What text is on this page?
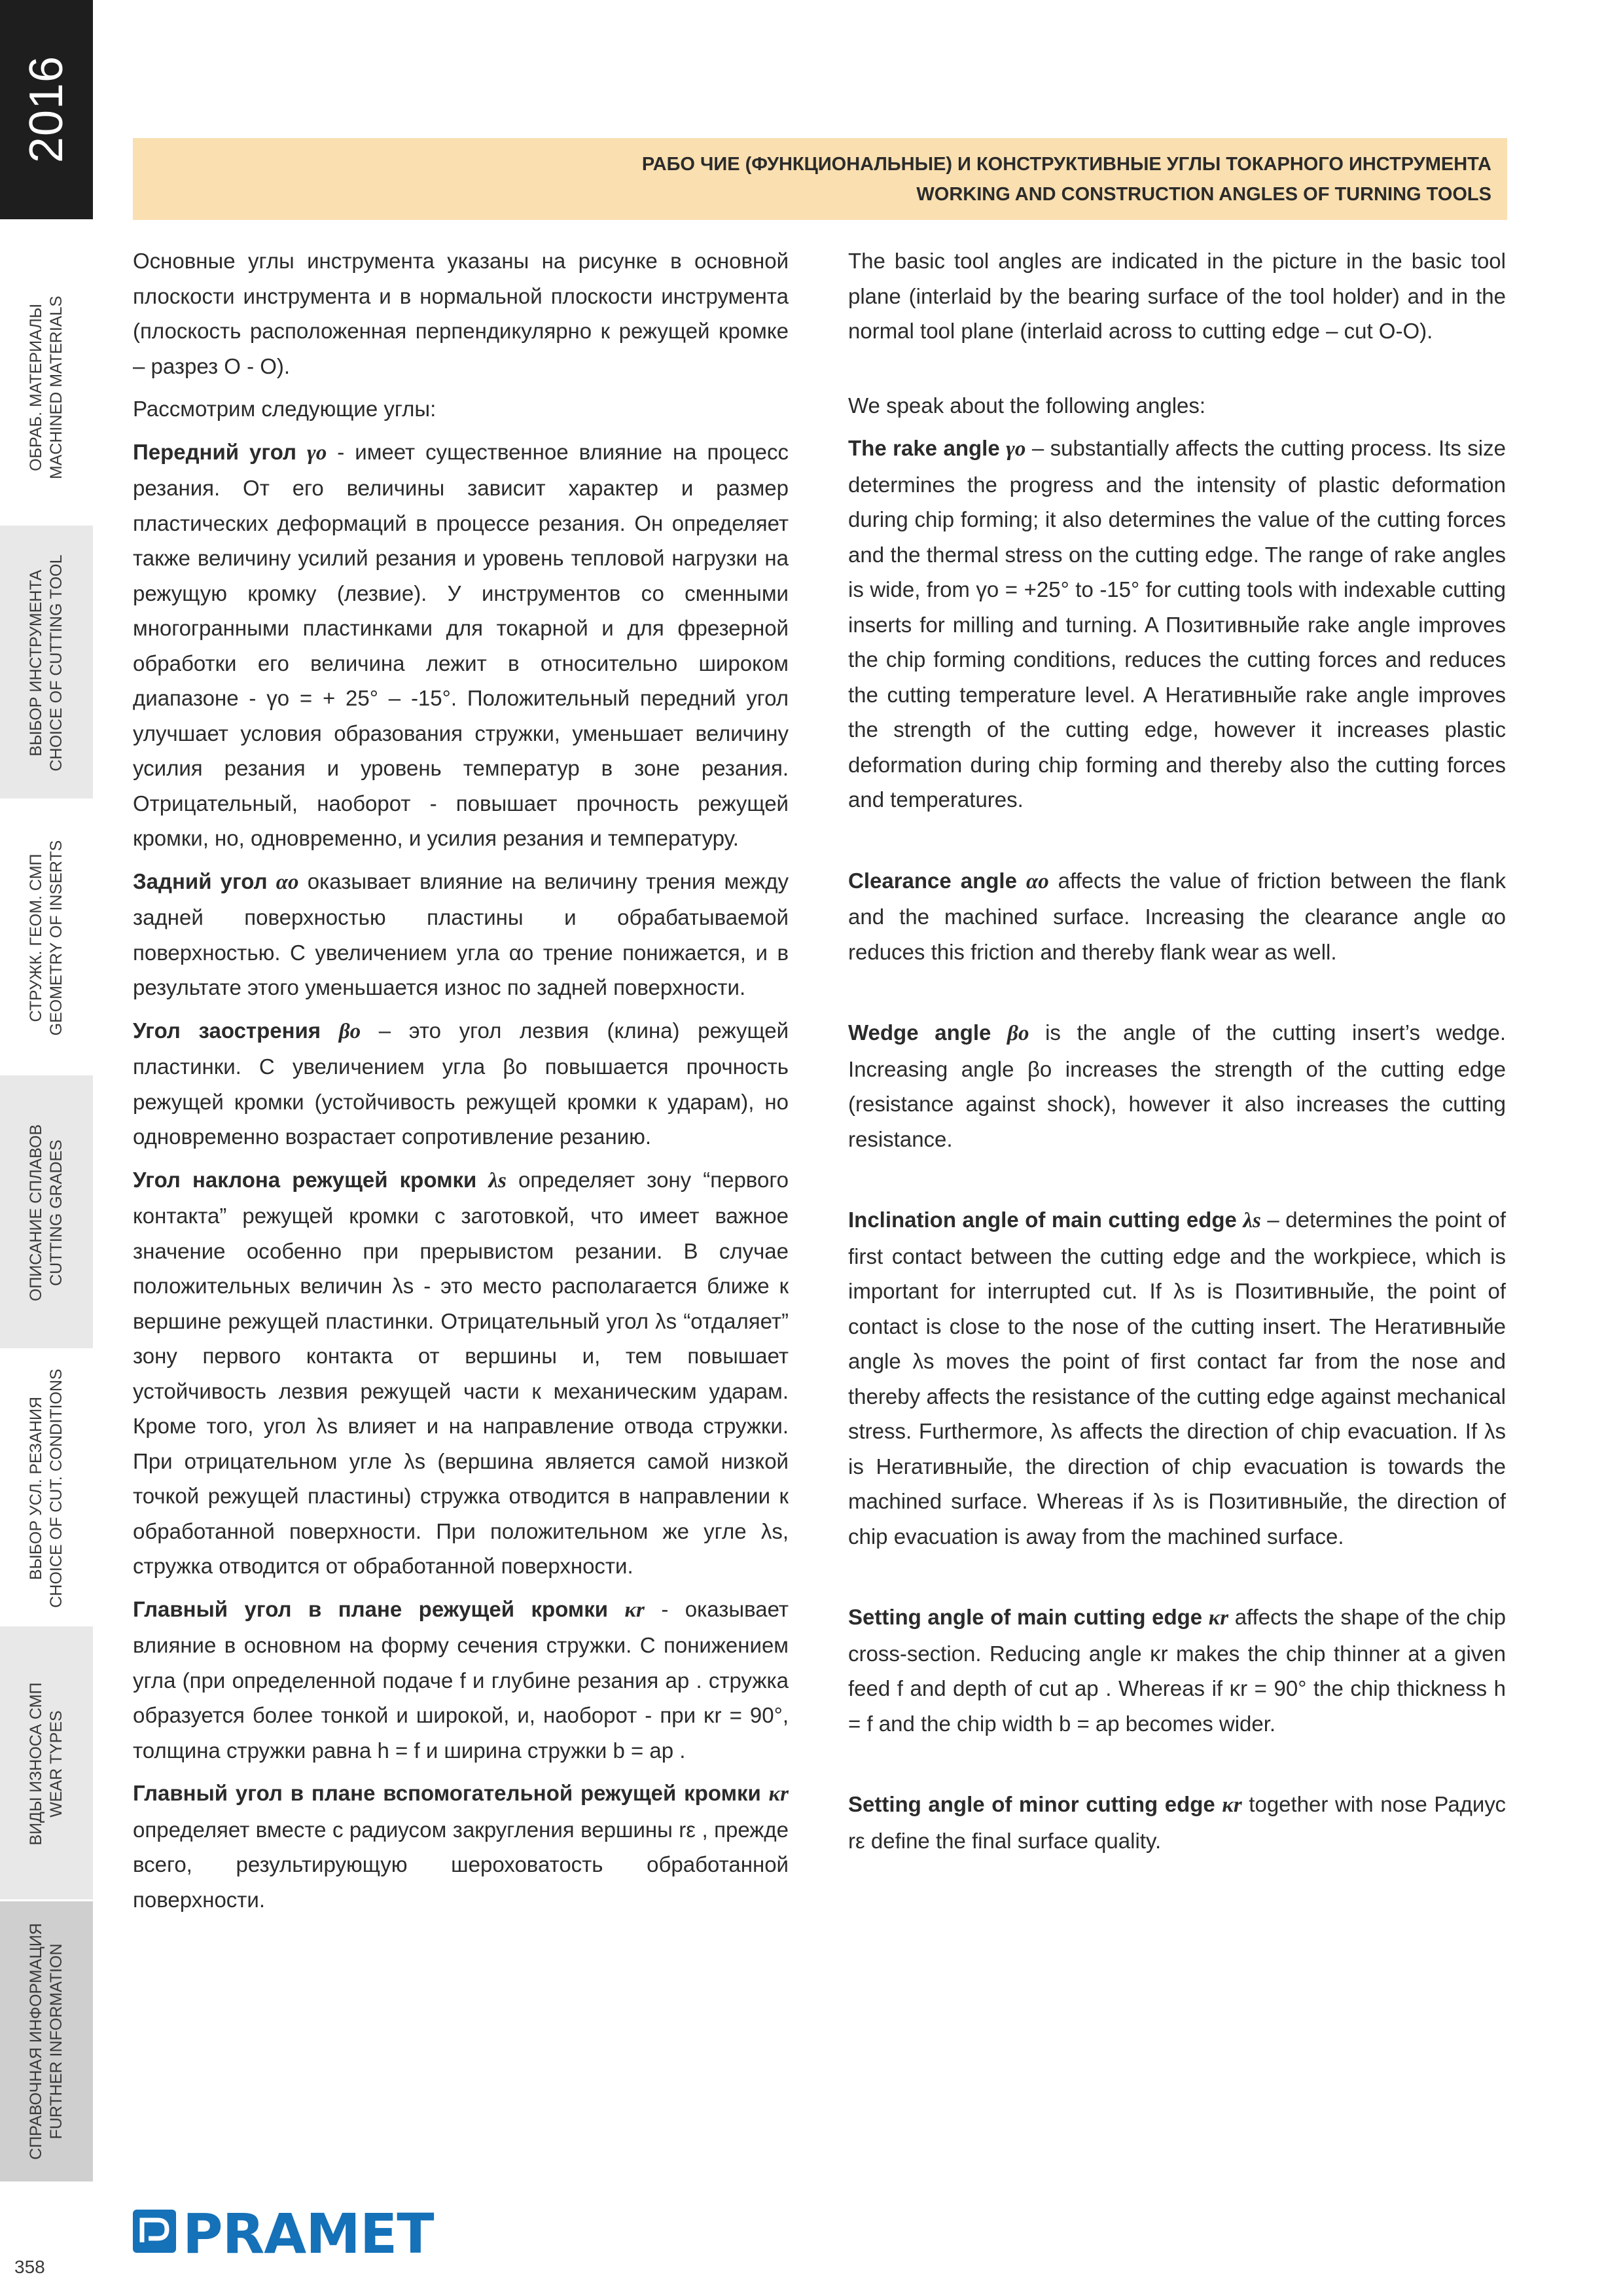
2016
ОБРАБ. МАТЕРИАЛЫ MACHINED MATERIALS
ВЫБОР ИНСТРУМЕНТА CHOICE OF CUTTING TOOL
СТРУЖК. ГЕОМ. СМП GEOMETRY OF INSERTS
ОПИСАНИЕ СПЛАВОВ CUTTING GRADES
ВЫБОР УСЛ. РЕЗАНИЯ CHOICE OF CUT. CONDITIONS
ВИДЫ ИЗНОСА СМП WEAR TYPES
СПРАВОЧНАЯ ИНФОРМАЦИЯ FURTHER INFORMATION
358
РАБО ЧИЕ (ФУНКЦИОНАЛЬНЫЕ) И КОНСТРУКТИВНЫЕ УГЛЫ ТОКАРНОГО ИНСТРУМЕНТА
WORKING AND CONSTRUCTION ANGLES OF TURNING TOOLS

Основные углы инструмента указаны на рисунке в основной плоскости инструмента и в нормальной плоскости инструмента (плоскость расположенная перпендикулярно к режущей кромке – разрез О - О).

Рассмотрим следующие углы:

Передний угол γo - имеет существенное влияние на процесс резания. От его величины зависит характер и размер пластических деформаций в процессе резания. Он определяет также величину усилий резания и уровень тепловой нагрузки на режущую кромку (лезвие). У инструментов со сменными многогранными пластинками для токарной и для фрезерной обработки его величина лежит в относительно широком диапазоне - γo = + 25° – -15°. Положительный передний угол улучшает условия образования стружки, уменьшает величину усилия резания и уровень температур в зоне резания. Отрицательный, наоборот - повышает прочность режущей кромки, но, одновременно, и усилия резания и температуру.

Задний угол αo оказывает влияние на величину трения между задней поверхностью пластины и обрабатываемой поверхностью. С увеличением угла αo трение понижается, и в результате этого уменьшается износ по задней поверхности.

Угол заострения βo – это угол лезвия (клина) режущей пластинки. С увеличением угла βo повышается прочность режущей кромки (устойчивость режущей кромки к ударам), но одновременно возрастает сопротивление резанию.

Угол наклона режущей кромки λs определяет зону “первого контакта” режущей кромки с заготовкой, что имеет важное значение особенно при прерывистом резании. В случае положительных величин λs - это место располагается ближе к вершине режущей пластинки. Отрицательный угол λs “отдаляет” зону первого контакта от вершины и, тем повышает устойчивость лезвия режущей части к механическим ударам. Кроме того, угол λs влияет и на направление отвода стружки. При отрицательном угле λs (вершина является самой низкой точкой режущей пластины) стружка отводится в направлении к обработанной поверхности. При положительном же угле λs, стружка отводится от обработанной поверхности.

Главный угол в плане режущей кромки κr - оказывает влияние в основном на форму сечения стружки. С понижением угла (при определенной подаче f и глубине резания ap . стружка образуется более тонкой и широкой, и, наоборот - при κr = 90°, толщина стружки равна h = f и ширина стружки b = ap .

Главный угол в плане вспомогательной режущей кромки κr определяет вместе с радиусом закругления вершины rε , прежде всего, результирующую шероховатость обработанной поверхности.

The basic tool angles are indicated in the picture in the basic tool plane (interlaid by the bearing surface of the tool holder) and in the normal tool plane (interlaid across to cutting edge – cut O-O).

We speak about the following angles:

The rake angle γo – substantially affects the cutting process. Its size determines the progress and the intensity of plastic deformation during chip forming; it also determines the value of the cutting forces and the thermal stress on the cutting edge. The range of rake angles is wide, from γo = +25° to -15° for cutting tools with indexable cutting inserts for milling and turning. A Позитивныйе rake angle improves the chip forming conditions, reduces the cutting forces and reduces the cutting temperature level. A Негативныйе rake angle improves the strength of the cutting edge, however it increases plastic deformation during chip forming and thereby also the cutting forces and temperatures.

Clearance angle αo affects the value of friction between the flank and the machined surface. Increasing the clearance angle αo reduces this friction and thereby flank wear as well.

Wedge angle βo is the angle of the cutting insert’s wedge. Increasing angle βo increases the strength of the cutting edge (resistance against shock), however it also increases the cutting resistance.

Inclination angle of main cutting edge λs – determines the point of first contact between the cutting edge and the workpiece, which is important for interrupted cut. If λs is Позитивныйе, the point of contact is close to the nose of the cutting insert. The Негативныйе angle λs moves the point of first contact far from the nose and thereby affects the resistance of the cutting edge against mechanical stress. Furthermore, λs affects the direction of chip evacuation. If λs is Негативныйе, the direction of chip evacuation is towards the machined surface. Whereas if λs is Позитивныйе, the direction of chip evacuation is away from the machined surface.

Setting angle of main cutting edge κr affects the shape of the chip cross-section. Reducing angle κr makes the chip thinner at a given feed f and depth of cut ap . Whereas if κr = 90° the chip thickness h = f and the chip width b = ap becomes wider.

Setting angle of minor cutting edge κr together with nose Радиус rε define the final surface quality.

PRAMET
